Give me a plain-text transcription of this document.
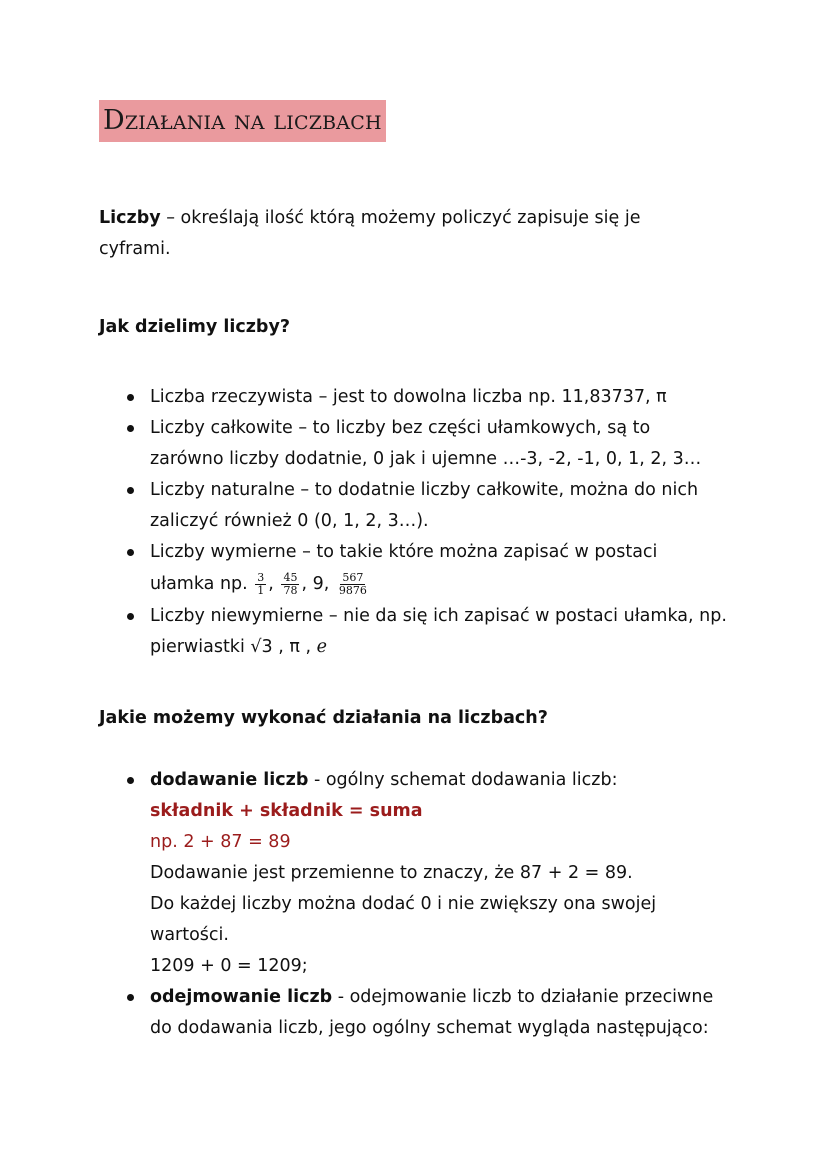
Działania na liczbach
Liczby – określają ilość którą możemy policzyć zapisuje się je
cyframi.
Jak dzielimy liczby?
Liczba rzeczywista – jest to dowolna liczba np. 11,83737, π
Liczby całkowite – to liczby bez części ułamkowych, są to
zarówno liczby dodatnie, 0 jak i ujemne …-3, -2, -1, 0, 1, 2, 3…
Liczby naturalne – to dodatnie liczby całkowite, można do nich
zaliczyć również 0 (0, 1, 2, 3…).
Liczby wymierne – to takie które można zapisać w postaci
ułamka np. $\frac{3}{1}$ , $\frac{45}{78}$ , 9, $\frac{567}{9876}$
Liczby niewymierne – nie da się ich zapisać w postaci ułamka, np.
pierwiastki √3 , π , e
Jakie możemy wykonać działania na liczbach?
dodawanie liczb - ogólny schemat dodawania liczb:
składnik + składnik = suma
np. 2 + 87 = 89
Dodawanie jest przemienne to znaczy, że 87 + 2 = 89.
Do każdej liczby można dodać 0 i nie zwiększy ona swojej
wartości.
1209 + 0 = 1209;
odejmowanie liczb - odejmowanie liczb to działanie przeciwne
do dodawania liczb, jego ogólny schemat wygląda następująco:
